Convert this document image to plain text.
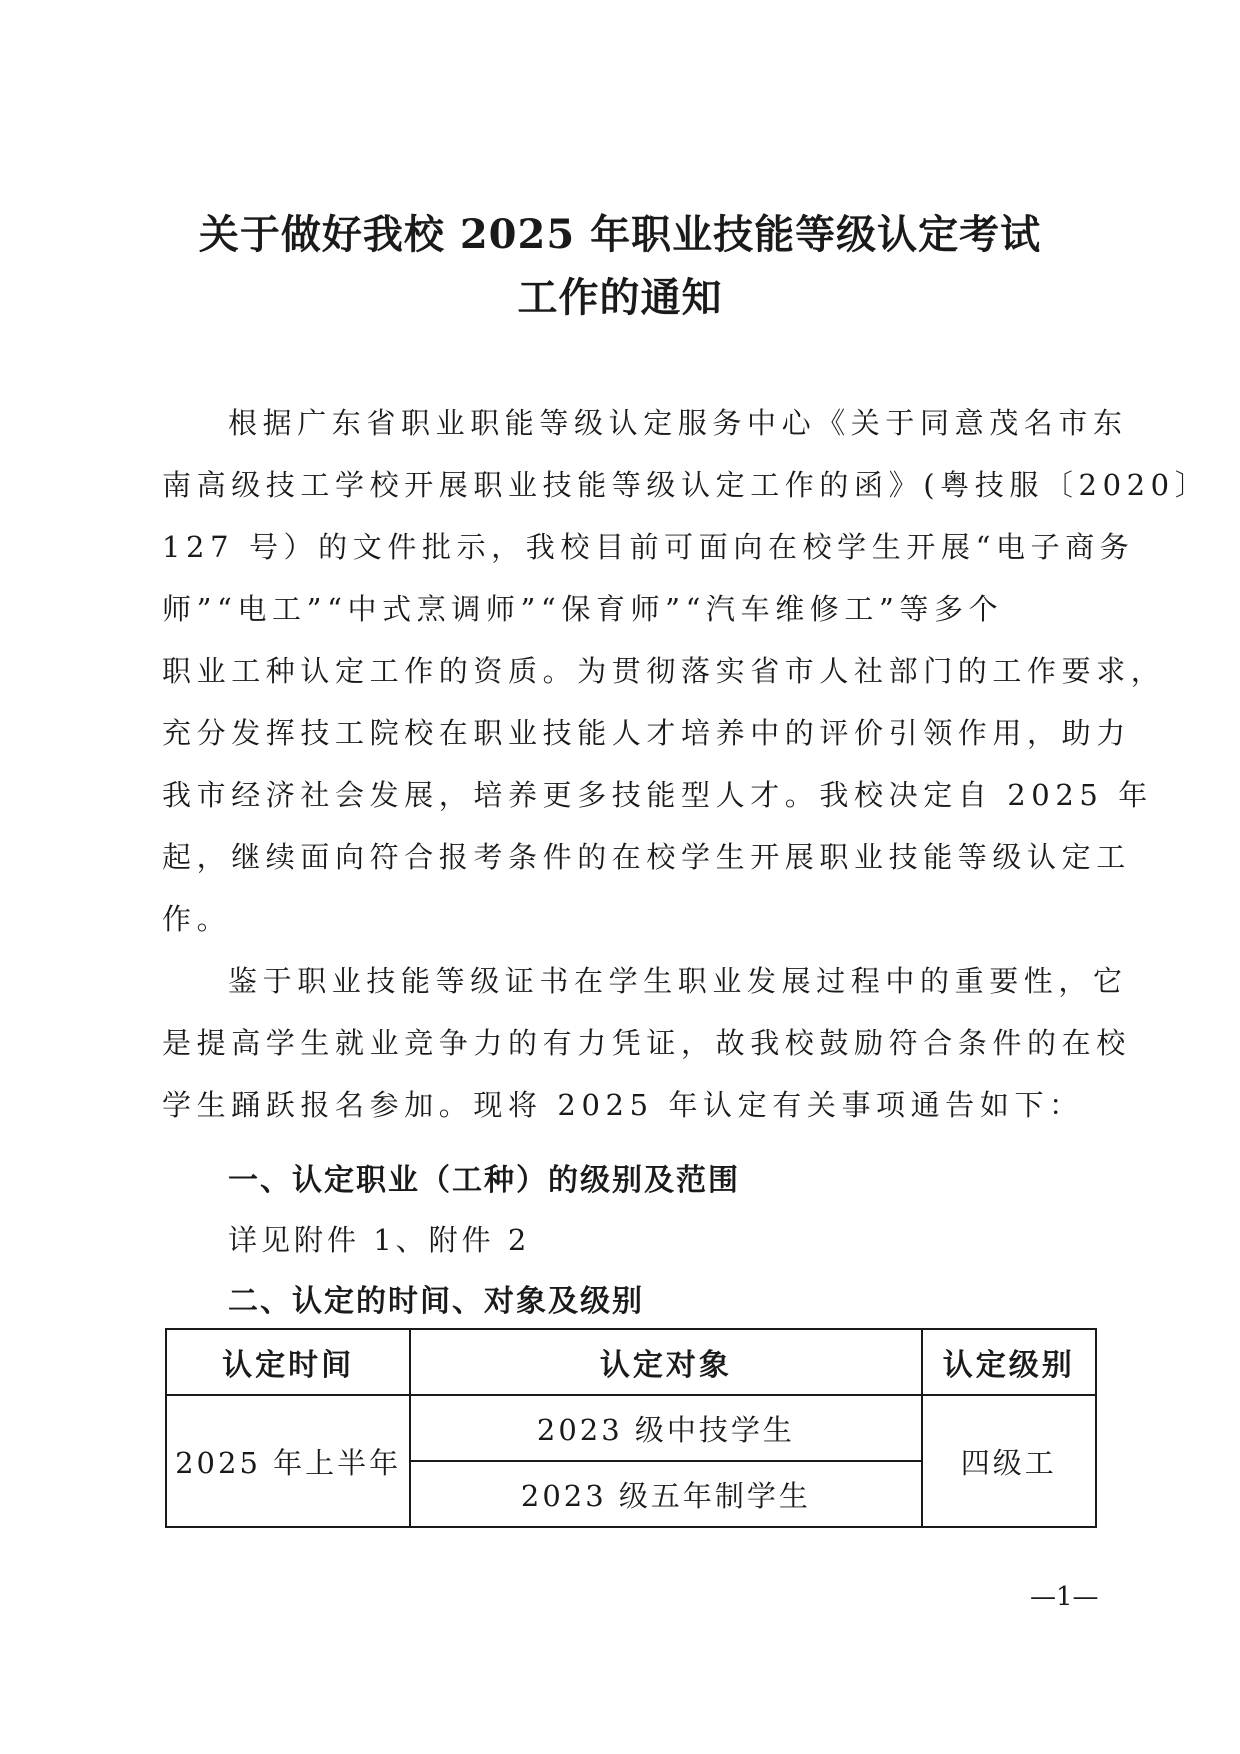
关于做好我校 2025 年职业技能等级认定考试
工作的通知
根据广东省职业职能等级认定服务中心《关于同意茂名市东
南高级技工学校开展职业技能等级认定工作的函》(粤技服〔2020〕
127 号）的文件批示，我校目前可面向在校学生开展“电子商务
师”“电工”“中式烹调师”“保育师”“汽车维修工”等多个
职业工种认定工作的资质。为贯彻落实省市人社部门的工作要求，
充分发挥技工院校在职业技能人才培养中的评价引领作用，助力
我市经济社会发展，培养更多技能型人才。我校决定自 2025 年
起，继续面向符合报考条件的在校学生开展职业技能等级认定工
作。
鉴于职业技能等级证书在学生职业发展过程中的重要性，它
是提高学生就业竞争力的有力凭证，故我校鼓励符合条件的在校
学生踊跃报名参加。现将 2025 年认定有关事项通告如下：
一、认定职业（工种）的级别及范围
详见附件 1、附件 2
二、认定的时间、对象及级别
认定时间	认定对象	认定级别
2025 年上半年	2023 级中技学生	四级工
	2023 级五年制学生	
—1—
